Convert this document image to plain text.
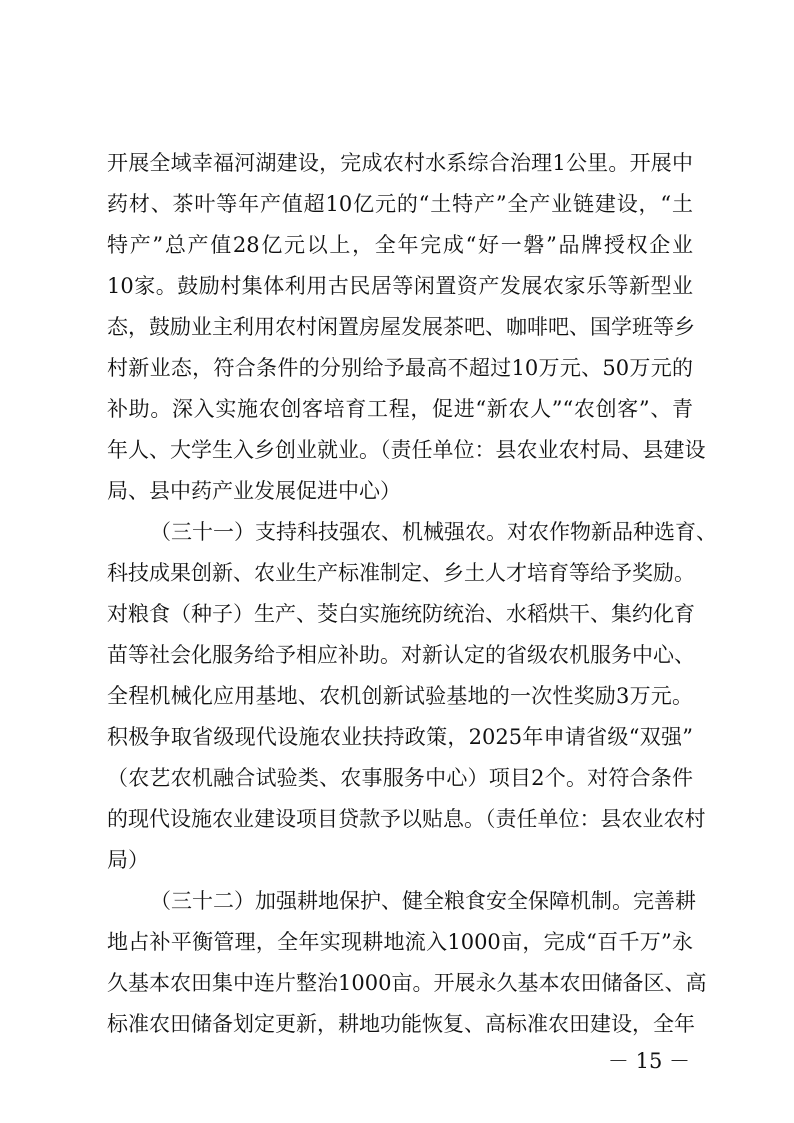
开展全域幸福河湖建设，完成农村水系综合治理1公里。开展中
药材、茶叶等年产值超10亿元的“土特产”全产业链建设，“土
特产”总产值28亿元以上，全年完成“好一磐”品牌授权企业
10家。鼓励村集体利用古民居等闲置资产发展农家乐等新型业
态，鼓励业主利用农村闲置房屋发展茶吧、咖啡吧、国学班等乡
村新业态，符合条件的分别给予最高不超过10万元、50万元的
补助。深入实施农创客培育工程，促进“新农人”“农创客”、青
年人、大学生入乡创业就业。（责任单位：县农业农村局、县建设
局、县中药产业发展促进中心）
（三十一）支持科技强农、机械强农。对农作物新品种选育、
科技成果创新、农业生产标准制定、乡土人才培育等给予奖励。
对粮食（种子）生产、茭白实施统防统治、水稻烘干、集约化育
苗等社会化服务给予相应补助。对新认定的省级农机服务中心、
全程机械化应用基地、农机创新试验基地的一次性奖励3万元。
积极争取省级现代设施农业扶持政策，2025年申请省级“双强”
（农艺农机融合试验类、农事服务中心）项目2个。对符合条件
的现代设施农业建设项目贷款予以贴息。（责任单位：县农业农村
局）
（三十二）加强耕地保护、健全粮食安全保障机制。完善耕
地占补平衡管理，全年实现耕地流入1000亩，完成“百千万”永
久基本农田集中连片整治1000亩。开展永久基本农田储备区、高
标准农田储备划定更新，耕地功能恢复、高标准农田建设，全年
－ 15 －
